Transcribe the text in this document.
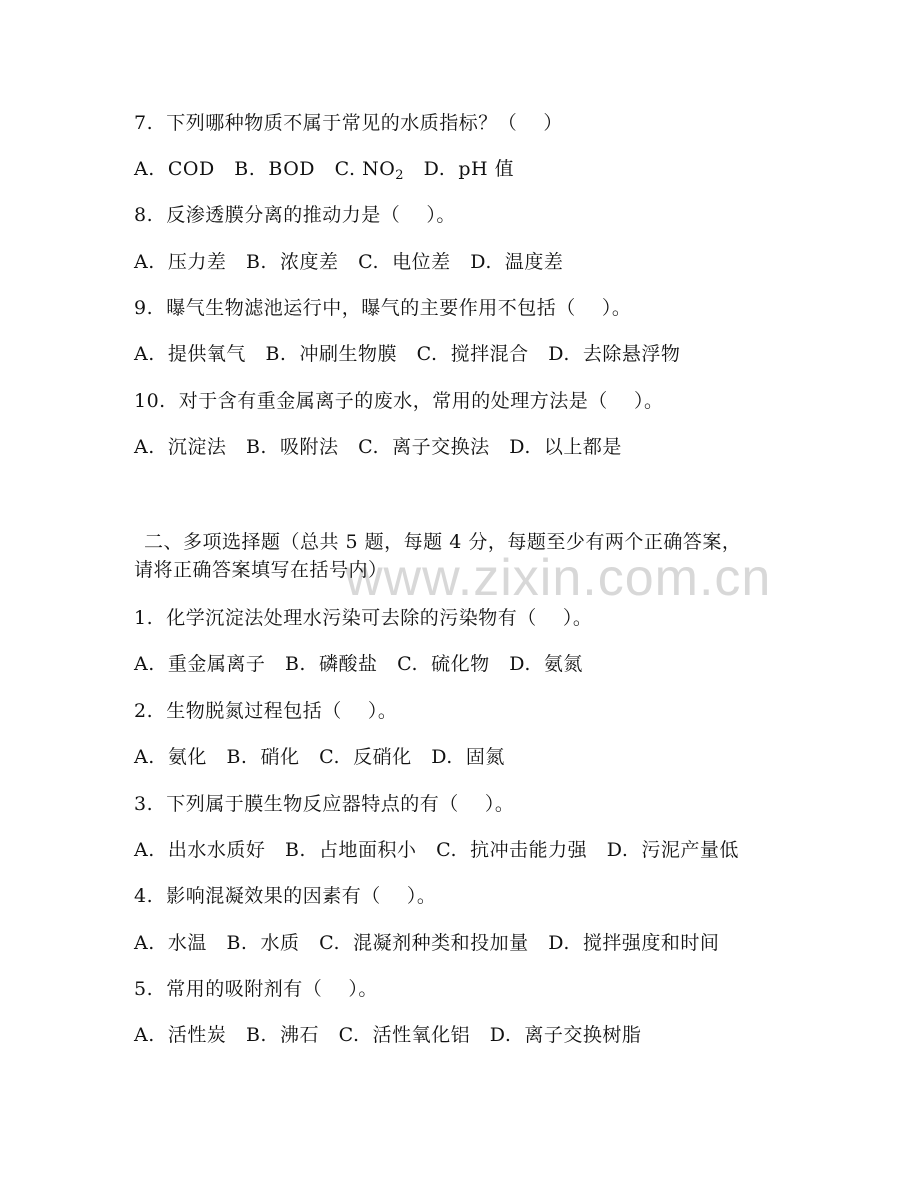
www.zixin.com.cn

7.  下列哪种物质不属于常见的水质指标？（    ）

A.  COD   B.  BOD   C. $NO_2$   D.  pH 值

8.  反渗透膜分离的推动力是（    ）。

A.  压力差   B.  浓度差   C.  电位差   D.  温度差

9.  曝气生物滤池运行中，曝气的主要作用不包括（    ）。

A.  提供氧气   B.  冲刷生物膜   C.  搅拌混合   D.  去除悬浮物

10.  对于含有重金属离子的废水，常用的处理方法是（    ）。

A.  沉淀法   B.  吸附法   C.  离子交换法   D.  以上都是

二、多项选择题（总共 5 题，每题 4 分，每题至少有两个正确答案，

请将正确答案填写在括号内）

1.  化学沉淀法处理水污染可去除的污染物有（    ）。

A.  重金属离子   B.  磷酸盐   C.  硫化物   D.  氨氮

2.  生物脱氮过程包括（    ）。

A.  氨化   B.  硝化   C.  反硝化   D.  固氮

3.  下列属于膜生物反应器特点的有（    ）。

A.  出水水质好   B.  占地面积小   C.  抗冲击能力强   D.  污泥产量低

4.  影响混凝效果的因素有（    ）。

A.  水温   B.  水质   C.  混凝剂种类和投加量   D.  搅拌强度和时间

5.  常用的吸附剂有（    ）。

A.  活性炭   B.  沸石   C.  活性氧化铝   D.  离子交换树脂
